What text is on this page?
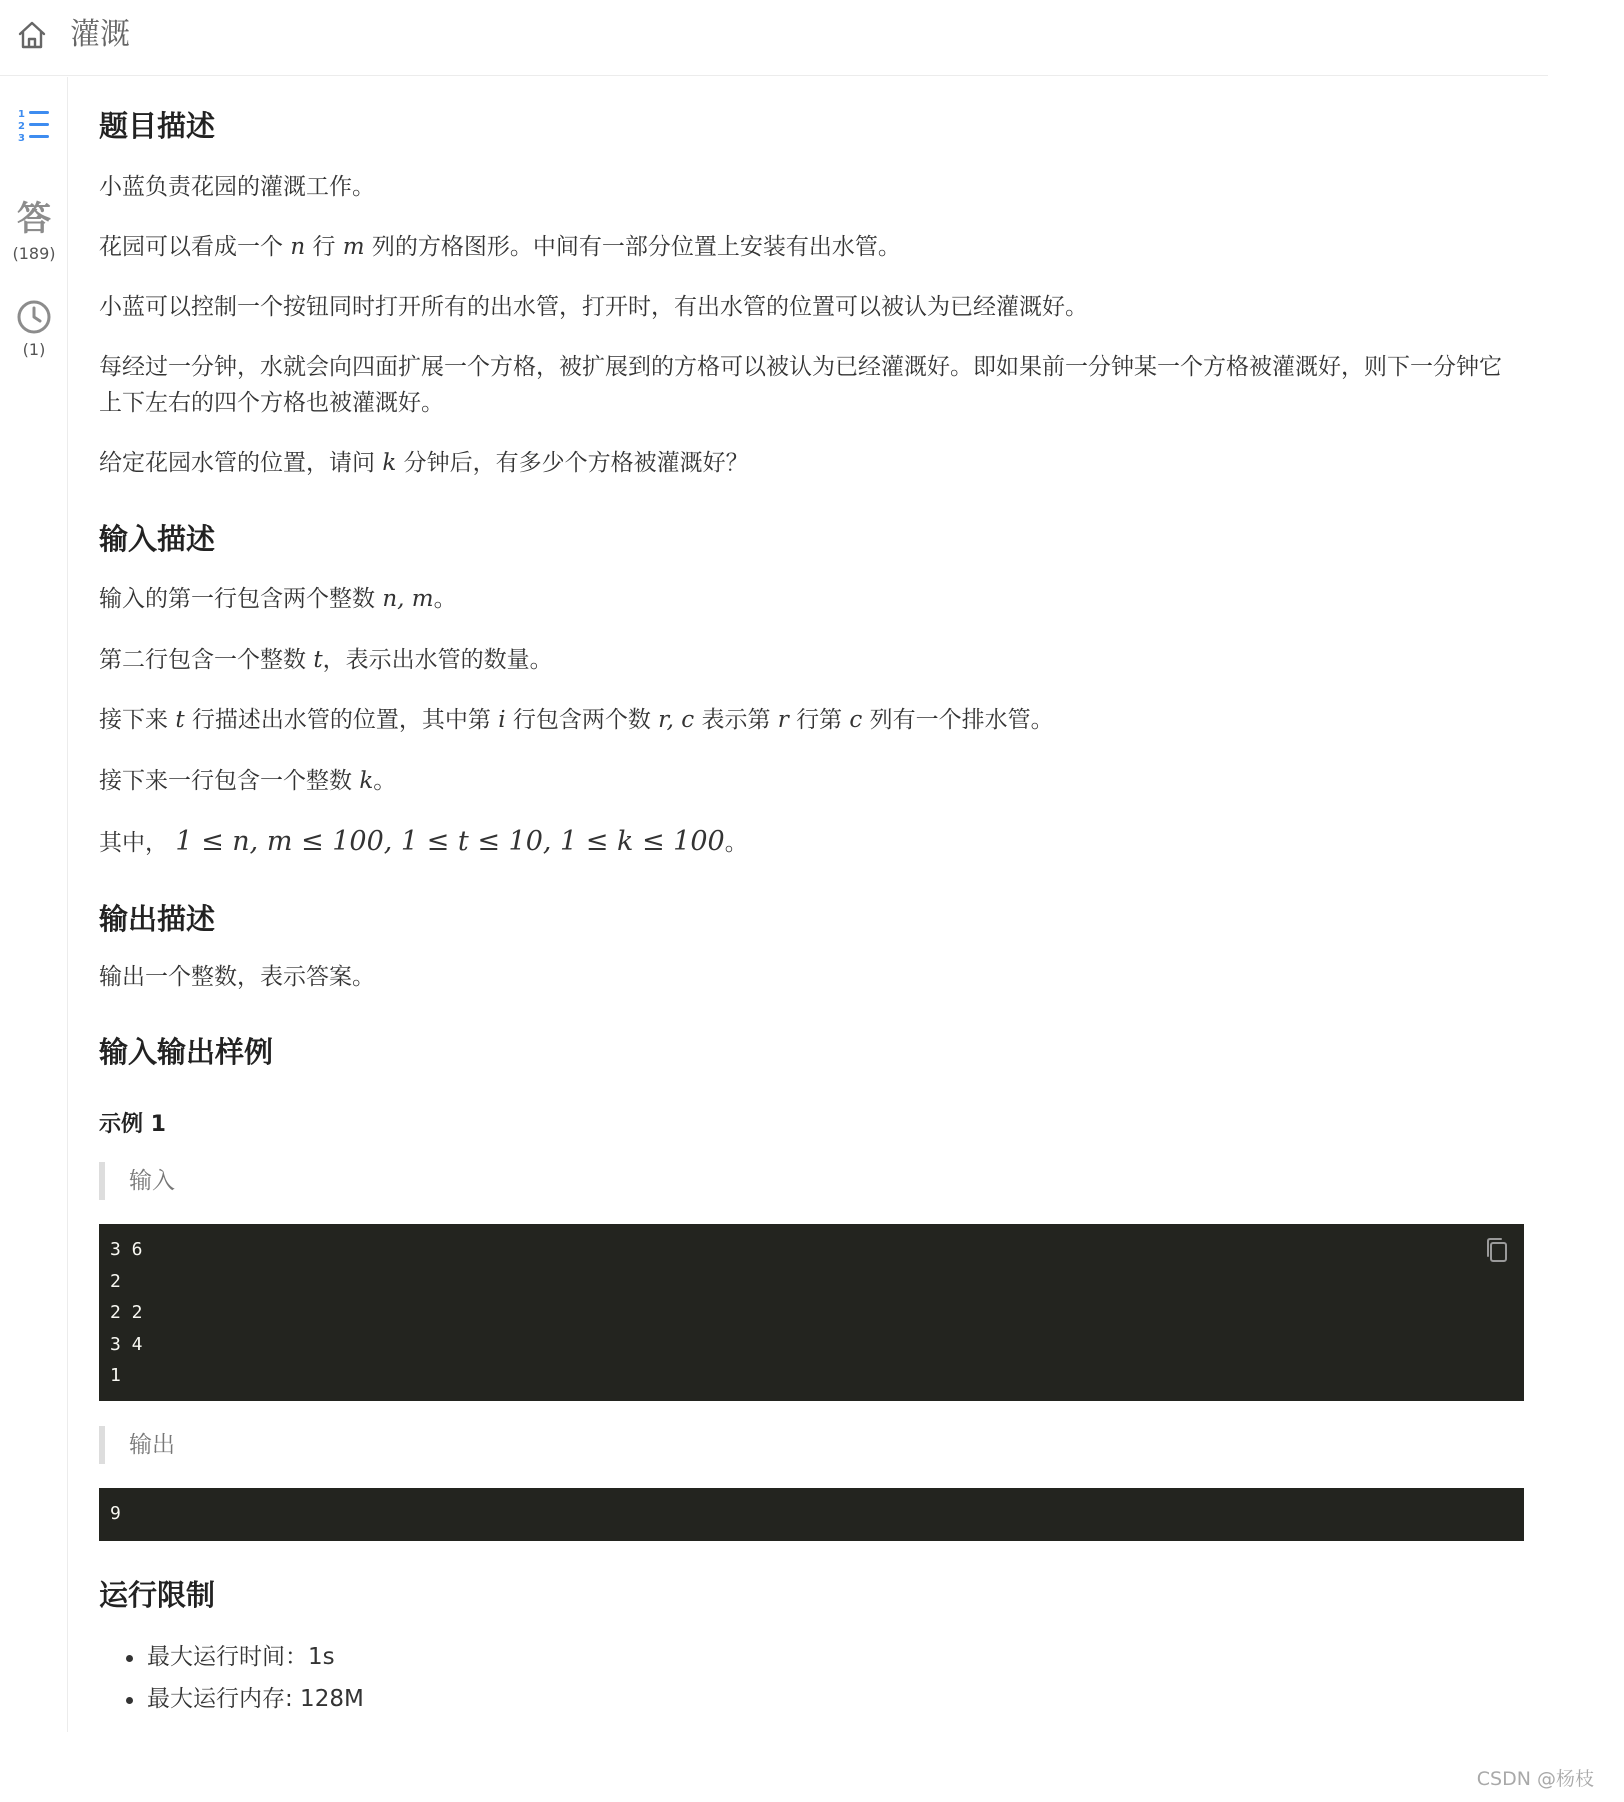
灌溉
1
2
3
答
(189)
(1)
题目描述
小蓝负责花园的灌溉工作。
花园可以看成一个 n 行 m 列的方格图形。中间有一部分位置上安装有出水管。
小蓝可以控制一个按钮同时打开所有的出水管，打开时，有出水管的位置可以被认为已经灌溉好。
每经过一分钟，水就会向四面扩展一个方格，被扩展到的方格可以被认为已经灌溉好。即如果前一分钟某一个方格被灌溉好，则下一分钟它上下左右的四个方格也被灌溉好。
给定花园水管的位置，请问 k 分钟后，有多少个方格被灌溉好？
输入描述
输入的第一行包含两个整数 n, m。
第二行包含一个整数 t，表示出水管的数量。
接下来 t 行描述出水管的位置，其中第 i 行包含两个数 r, c 表示第 r 行第 c 列有一个排水管。
接下来一行包含一个整数 k。
其中， 1 ≤ n, m ≤ 100, 1 ≤ t ≤ 10, 1 ≤ k ≤ 100。
输出描述
输出一个整数，表示答案。
输入输出样例
示例 1
输入
3 6
2
2 2
3 4
1
输出
9
运行限制
最大运行时间：1s
最大运行内存: 128M
CSDN @杨枝
